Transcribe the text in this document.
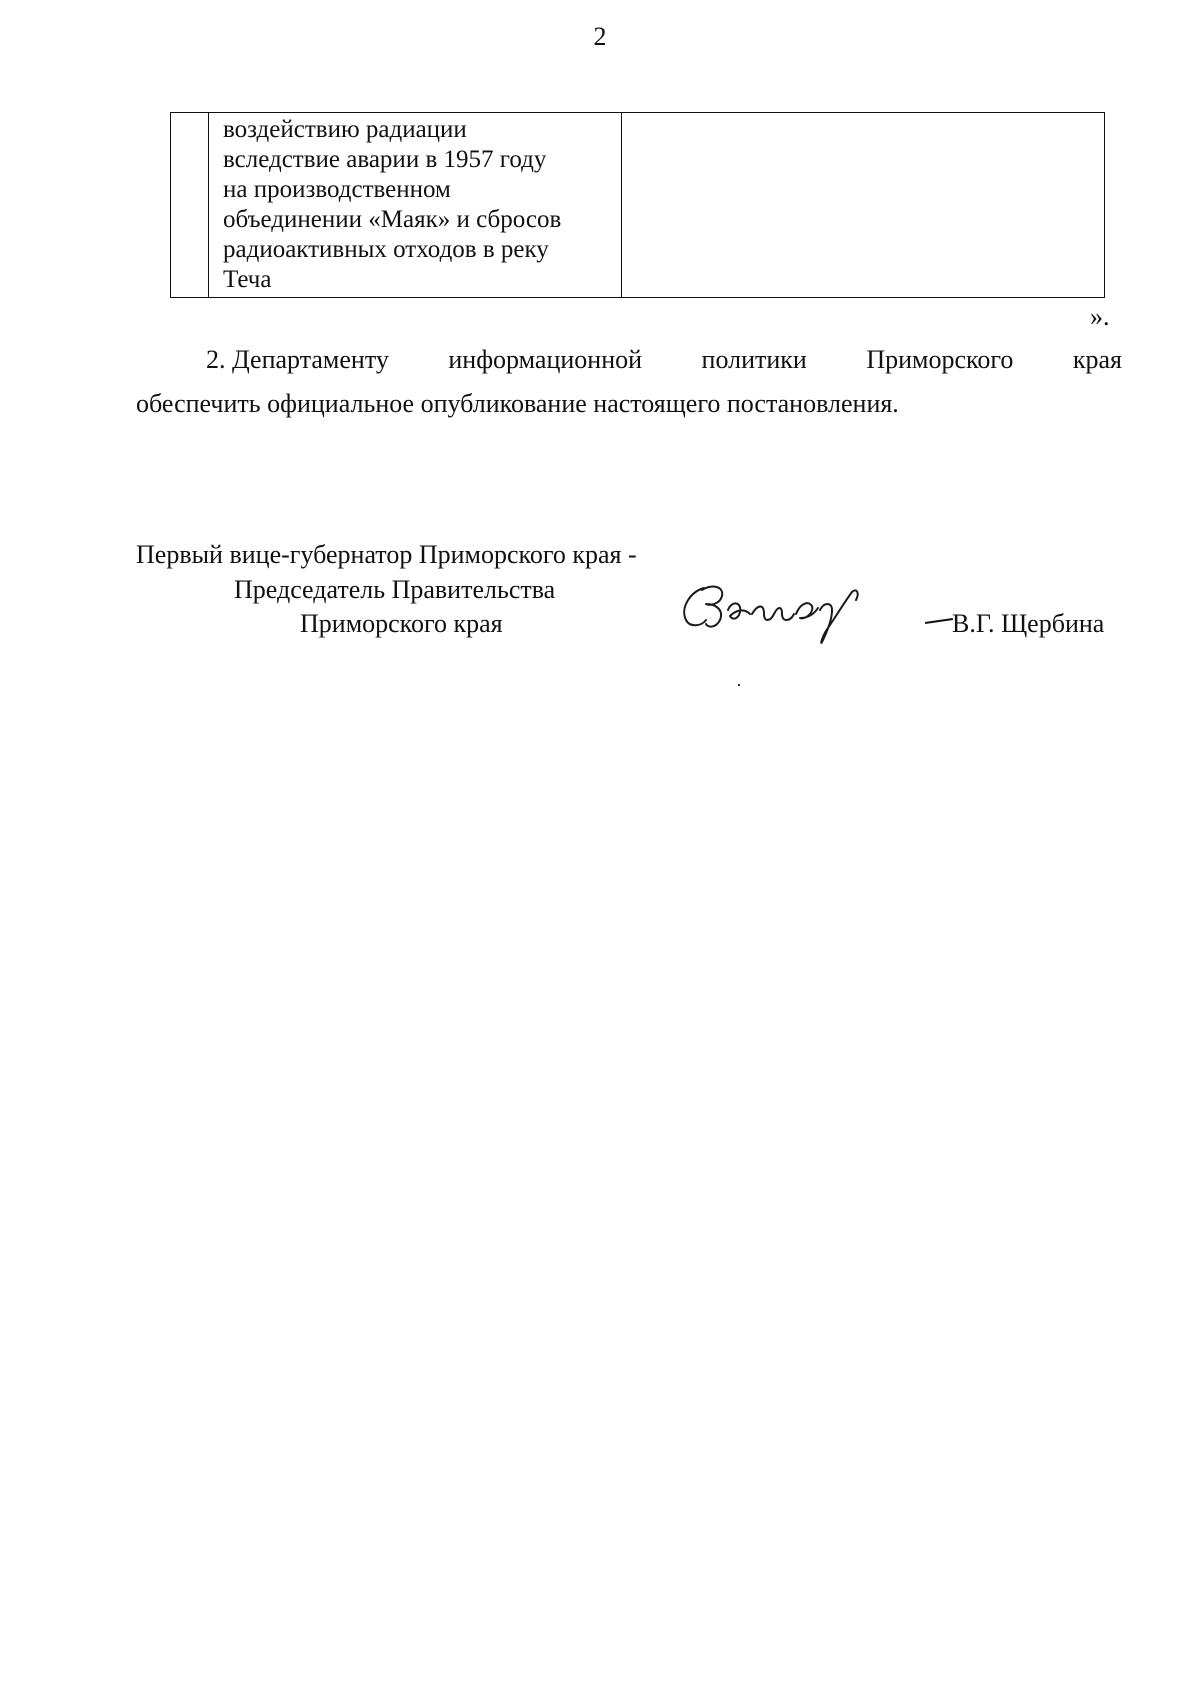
2

воздействию радиации
вследствие аварии в 1957 году
на производственном
объединении «Маяк» и сбросов
радиоактивных отходов в реку
Теча

».
2. Департаменту информационной политики Приморского края
обеспечить официальное опубликование настоящего постановления.
Первый вице-губернатор Приморского края -
Председатель Правительства
Приморского края	В.Г. Щербина
